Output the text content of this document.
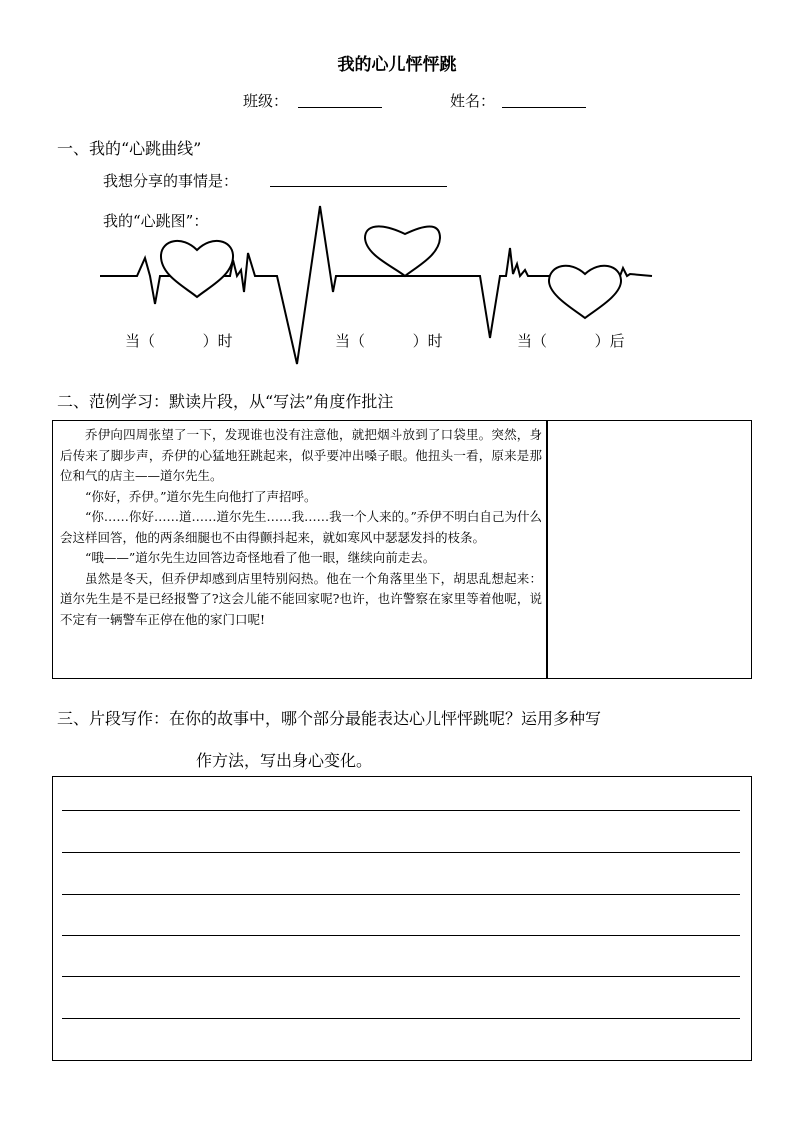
我的心儿怦怦跳
班级：	姓名：
一、我的“心跳曲线”
我想分享的事情是：
我的“心跳图”：
当（          ）时	当（          ）时	当（          ）后
二、范例学习：默读片段，从“写法”角度作批注

乔伊向四周张望了一下，发现谁也没有注意他，就把烟斗放到了口袋里。突然，身后传来了脚步声，乔伊的心猛地狂跳起来，似乎要冲出嗓子眼。他扭头一看，原来是那位和气的店主——道尔先生。

“你好，乔伊。”道尔先生向他打了声招呼。

“你……你好……道……道尔先生……我……我一个人来的。”乔伊不明白自己为什么会这样回答，他的两条细腿也不由得颤抖起来，就如寒风中瑟瑟发抖的枝条。

“哦——”道尔先生边回答边奇怪地看了他一眼，继续向前走去。

虽然是冬天，但乔伊却感到店里特别闷热。他在一个角落里坐下，胡思乱想起来：道尔先生是不是已经报警了?这会儿能不能回家呢?也许，也许警察在家里等着他呢，说不定有一辆警车正停在他的家门口呢!

三、片段写作：在你的故事中，哪个部分最能表达心儿怦怦跳呢？运用多种写
作方法，写出身心变化。
